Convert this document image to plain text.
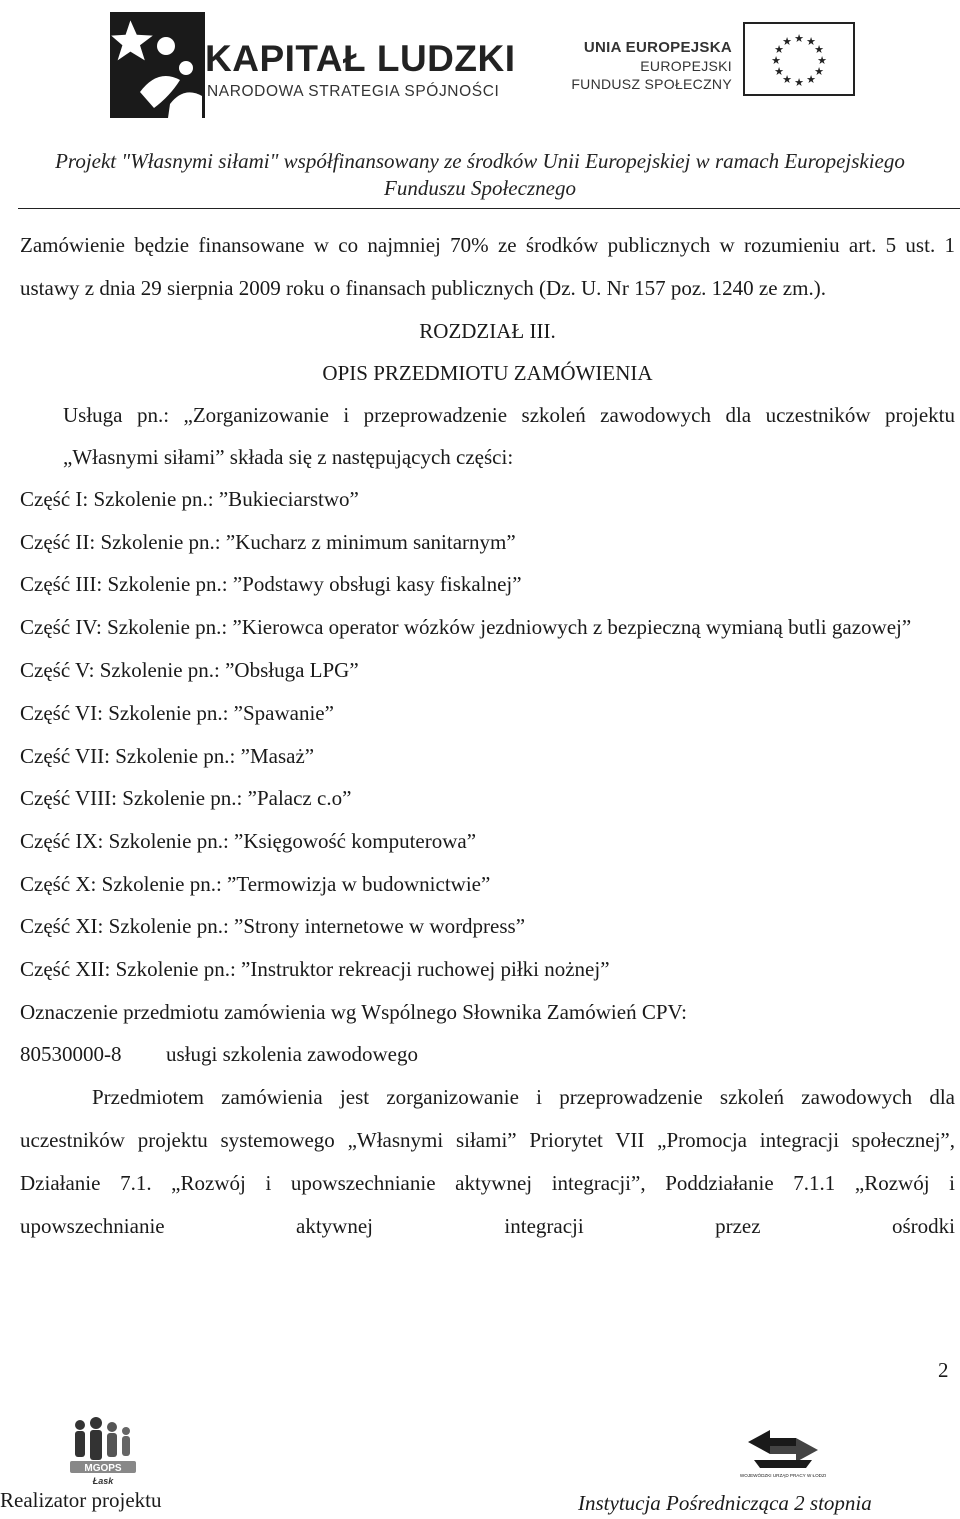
KAPITAŁ LUDZKI
NARODOWA STRATEGIA SPÓJNOŚCI
UNIA EUROPEJSKA
EUROPEJSKI
FUNDUSZ SPOŁECZNY
★ ★
★
★
★
★
★
★
★
★
★
★
Projekt "Własnymi siłami" współfinansowany ze środków Unii Europejskiej w ramach Europejskiego
Funduszu Społecznego

Zamówienie będzie finansowane w co najmniej 70% ze środków publicznych w rozumieniu art. 5 ust. 1 ustawy z dnia 29 sierpnia 2009 roku o finansach publicznych (Dz. U. Nr 157 poz. 1240 ze zm.).

ROZDZIAŁ III.

OPIS PRZEDMIOTU ZAMÓWIENIA

Usługa pn.: „Zorganizowanie i przeprowadzenie szkoleń zawodowych dla uczestników projektu „Własnymi siłami” składa się z następujących części:

Część I: Szkolenie pn.: ”Bukieciarstwo”

Część II: Szkolenie pn.: ”Kucharz z minimum sanitarnym”

Część III: Szkolenie pn.: ”Podstawy obsługi kasy fiskalnej”

Część IV: Szkolenie pn.: ”Kierowca operator wózków jezdniowych z bezpieczną wymianą butli gazowej”

Część V: Szkolenie pn.: ”Obsługa LPG”

Część VI: Szkolenie pn.: ”Spawanie”

Część VII: Szkolenie pn.: ”Masaż”

Część VIII: Szkolenie pn.: ”Palacz c.o”

Część IX: Szkolenie pn.: ”Księgowość komputerowa”

Część X: Szkolenie pn.: ”Termowizja w budownictwie”

Część XI: Szkolenie pn.: ”Strony internetowe w wordpress”

Część XII: Szkolenie pn.: ”Instruktor rekreacji ruchowej piłki nożnej”

Oznaczenie przedmiotu zamówienia wg Wspólnego Słownika Zamówień CPV:

80530000-8 usługi szkolenia zawodowego

Przedmiotem zamówienia jest zorganizowanie i przeprowadzenie szkoleń zawodowych dla uczestników projektu systemowego „Własnymi siłami” Priorytet VII „Promocja integracji społecznej”, Działanie 7.1. „Rozwój i upowszechnianie aktywnej integracji”, Poddziałanie 7.1.1 „Rozwój i upowszechnianie aktywnej integracji przez ośrodki

2
MGOPS
Łask
WOJEWÓDZKI URZĄD PRACY W ŁODZI
Realizator projektu	Instytucja Pośrednicząca 2 stopnia
